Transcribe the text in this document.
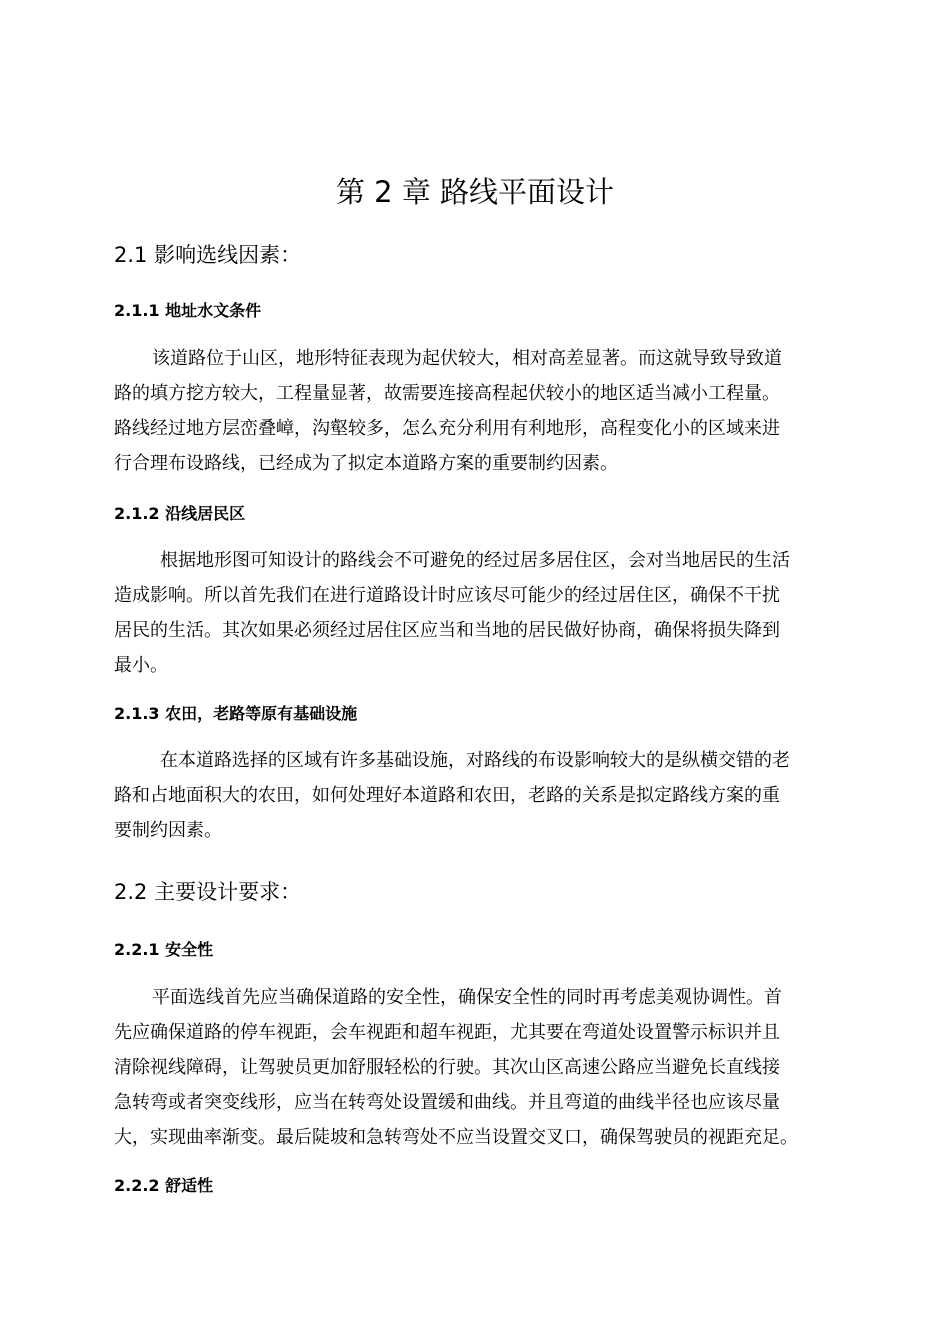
第 2 章 路线平面设计
2.1 影响选线因素：
2.1.1 地址水文条件
该道路位于山区，地形特征表现为起伏较大，相对高差显著。而这就导致导致道
路的填方挖方较大，工程量显著，故需要连接高程起伏较小的地区适当减小工程量。
路线经过地方层峦叠嶂，沟壑较多，怎么充分利用有利地形，高程变化小的区域来进
行合理布设路线，已经成为了拟定本道路方案的重要制约因素。
2.1.2 沿线居民区
根据地形图可知设计的路线会不可避免的经过居多居住区，会对当地居民的生活
造成影响。所以首先我们在进行道路设计时应该尽可能少的经过居住区，确保不干扰
居民的生活。其次如果必须经过居住区应当和当地的居民做好协商，确保将损失降到
最小。
2.1.3 农田，老路等原有基础设施
在本道路选择的区域有许多基础设施，对路线的布设影响较大的是纵横交错的老
路和占地面积大的农田，如何处理好本道路和农田，老路的关系是拟定路线方案的重
要制约因素。
2.2 主要设计要求：
2.2.1 安全性
平面选线首先应当确保道路的安全性，确保安全性的同时再考虑美观协调性。首
先应确保道路的停车视距，会车视距和超车视距，尤其要在弯道处设置警示标识并且
清除视线障碍，让驾驶员更加舒服轻松的行驶。其次山区高速公路应当避免长直线接
急转弯或者突变线形，应当在转弯处设置缓和曲线。并且弯道的曲线半径也应该尽量
大，实现曲率渐变。最后陡坡和急转弯处不应当设置交叉口，确保驾驶员的视距充足。
2.2.2 舒适性
